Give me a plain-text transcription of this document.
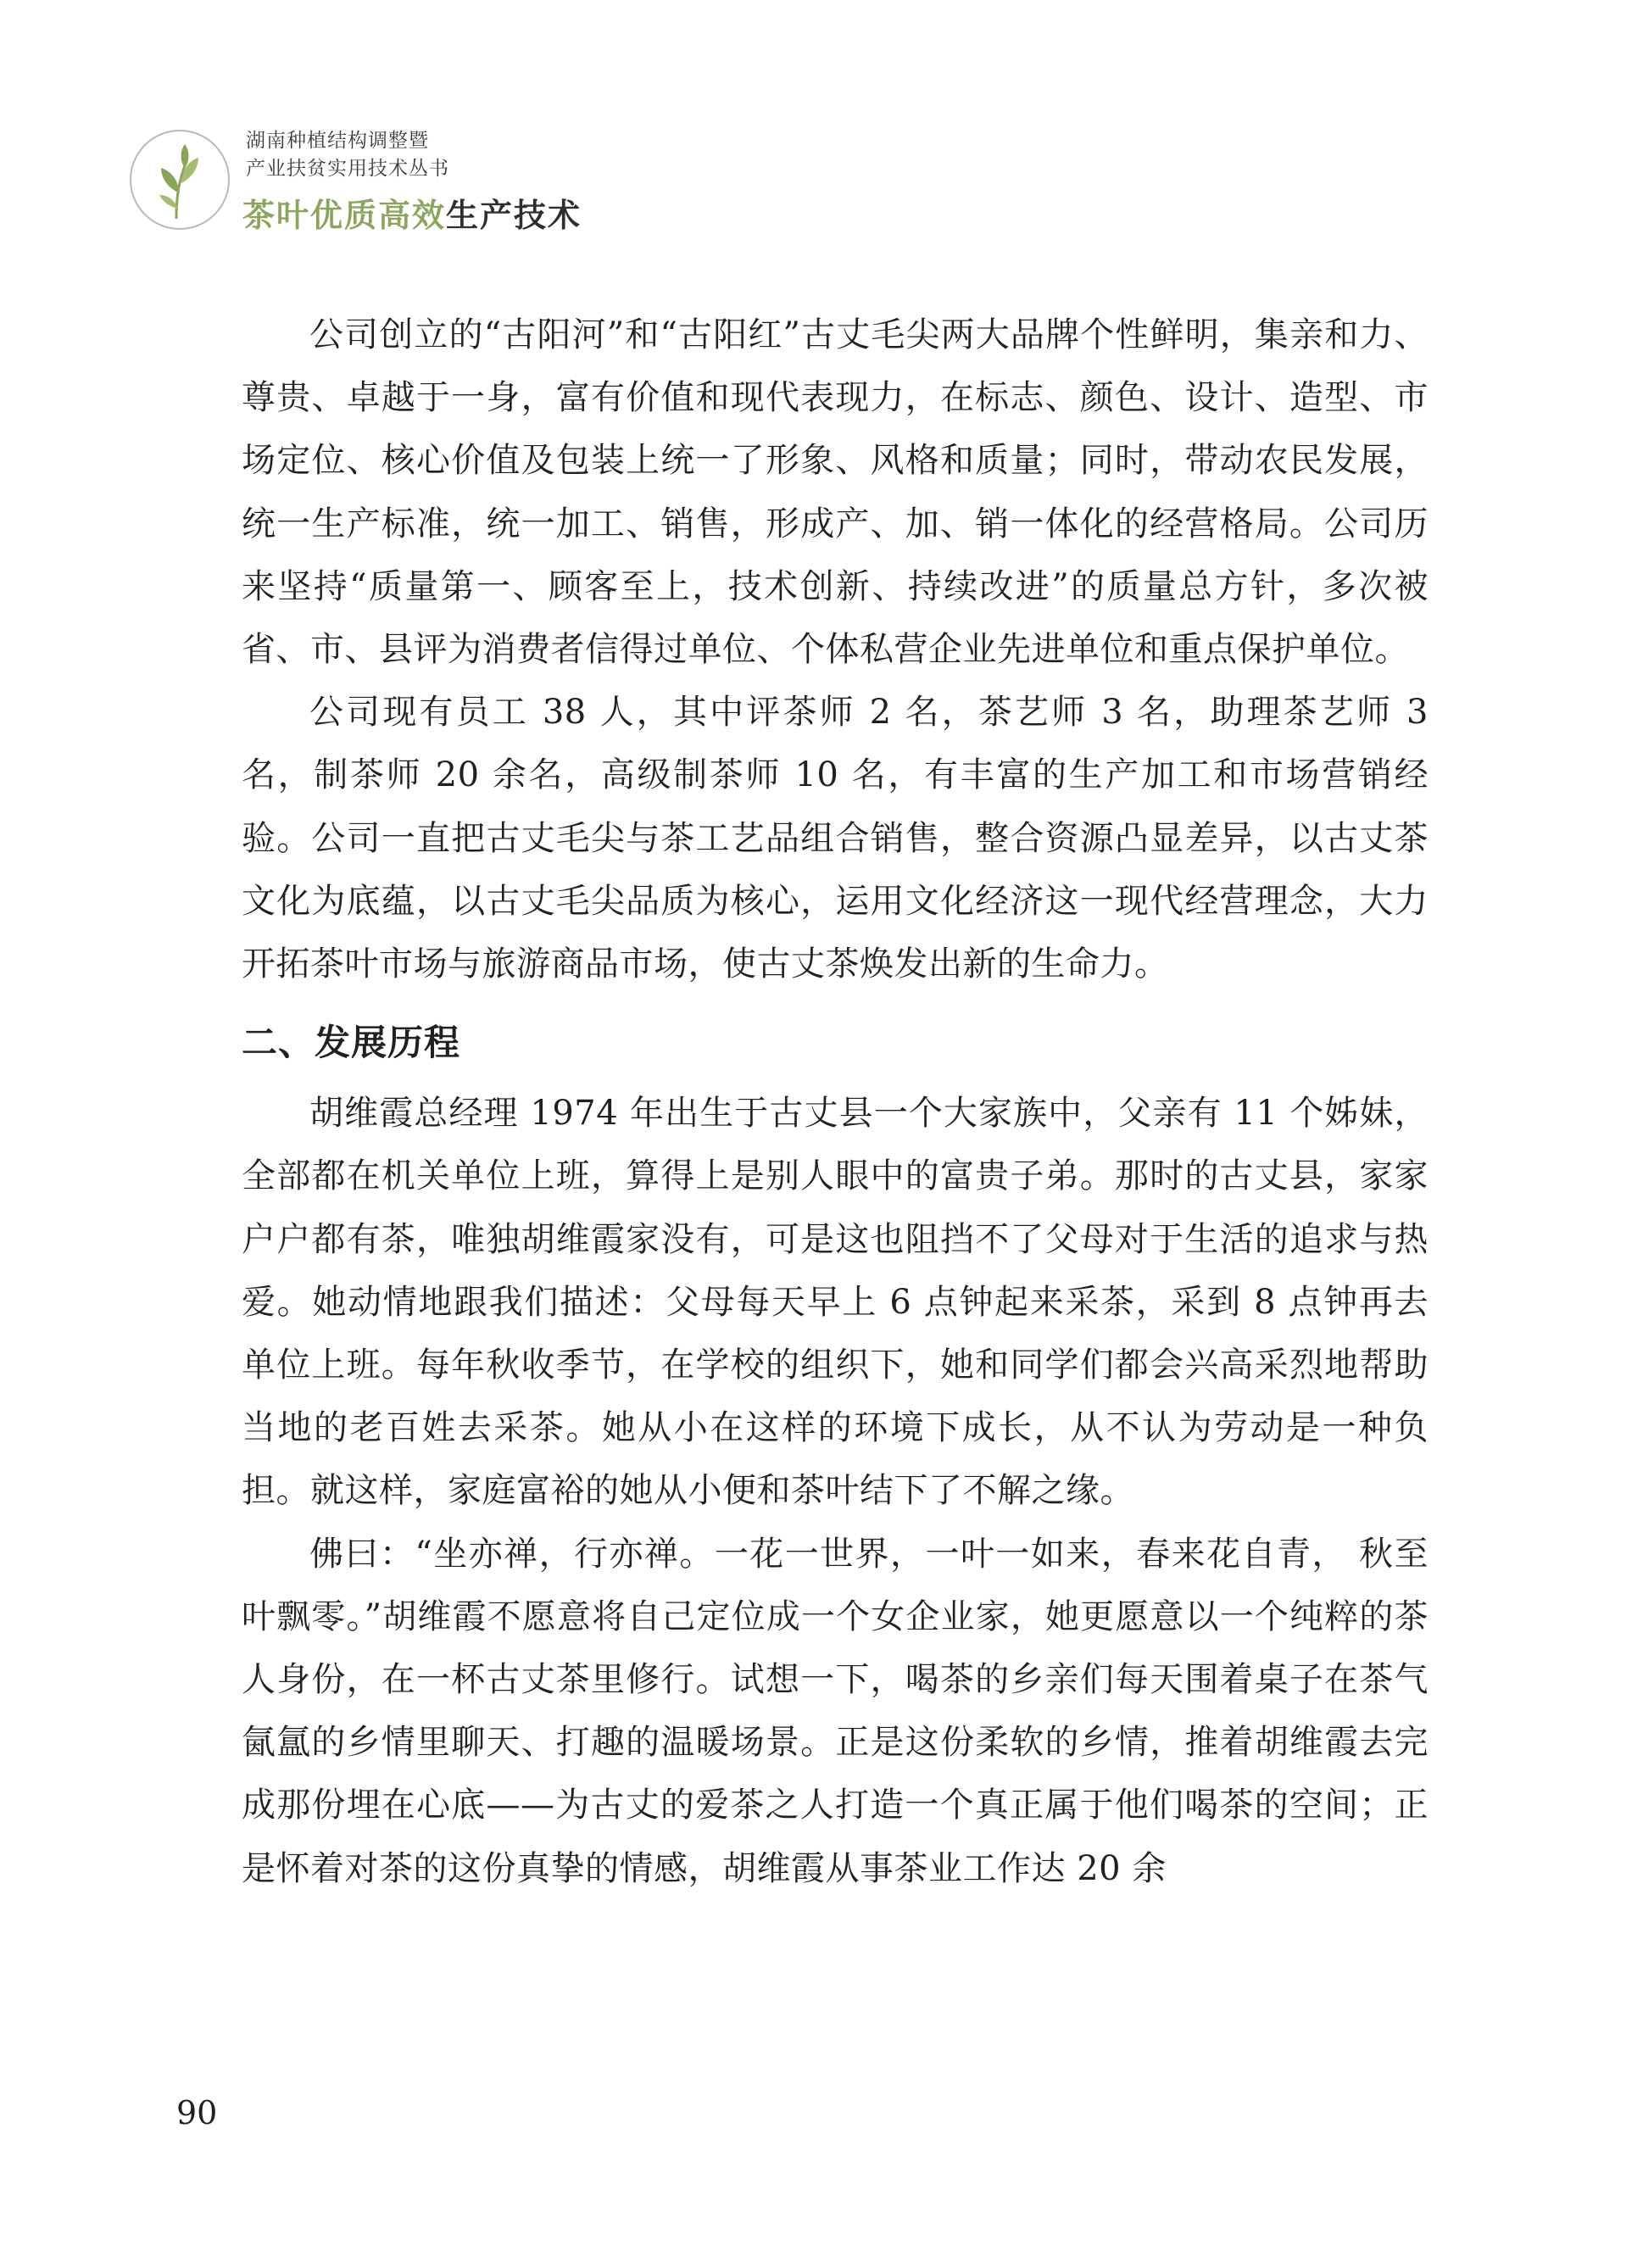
湖南种植结构调整暨
产业扶贫实用技术丛书
茶叶优质高效生产技术

公司创立的“古阳河”和“古阳红”古丈毛尖两大品牌个性鲜明，集亲和力、尊贵、卓越于一身，富有价值和现代表现力，在标志、颜色、设计、造型、市场定位、核心价值及包装上统一了形象、风格和质量；同时，带动农民发展，统一生产标准，统一加工、销售，形成产、加、销一体化的经营格局。公司历来坚持“质量第一、顾客至上，技术创新、持续改进”的质量总方针，多次被省、市、县评为消费者信得过单位、个体私营企业先进单位和重点保护单位。

公司现有员工 38 人，其中评茶师 2 名，茶艺师 3 名，助理茶艺师 3 名，制茶师 20 余名，高级制茶师 10 名，有丰富的生产加工和市场营销经验。公司一直把古丈毛尖与茶工艺品组合销售，整合资源凸显差异，以古丈茶文化为底蕴，以古丈毛尖品质为核心，运用文化经济这一现代经营理念，大力开拓茶叶市场与旅游商品市场，使古丈茶焕发出新的生命力。

二、发展历程

胡维霞总经理 1974 年出生于古丈县一个大家族中，父亲有 11 个姊妹，全部都在机关单位上班，算得上是别人眼中的富贵子弟。那时的古丈县，家家户户都有茶，唯独胡维霞家没有，可是这也阻挡不了父母对于生活的追求与热爱。她动情地跟我们描述：父母每天早上 6 点钟起来采茶，采到 8 点钟再去单位上班。每年秋收季节，在学校的组织下，她和同学们都会兴高采烈地帮助当地的老百姓去采茶。她从小在这样的环境下成长，从不认为劳动是一种负担。就这样，家庭富裕的她从小便和茶叶结下了不解之缘。

佛曰：“坐亦禅，行亦禅。一花一世界，一叶一如来，春来花自青， 秋至叶飘零。”胡维霞不愿意将自己定位成一个女企业家，她更愿意以一个纯粹的茶人身份，在一杯古丈茶里修行。试想一下，喝茶的乡亲们每天围着桌子在茶气氤氲的乡情里聊天、打趣的温暖场景。正是这份柔软的乡情，推着胡维霞去完成那份埋在心底——为古丈的爱茶之人打造一个真正属于他们喝茶的空间；正是怀着对茶的这份真挚的情感，胡维霞从事茶业工作达 20 余

90
